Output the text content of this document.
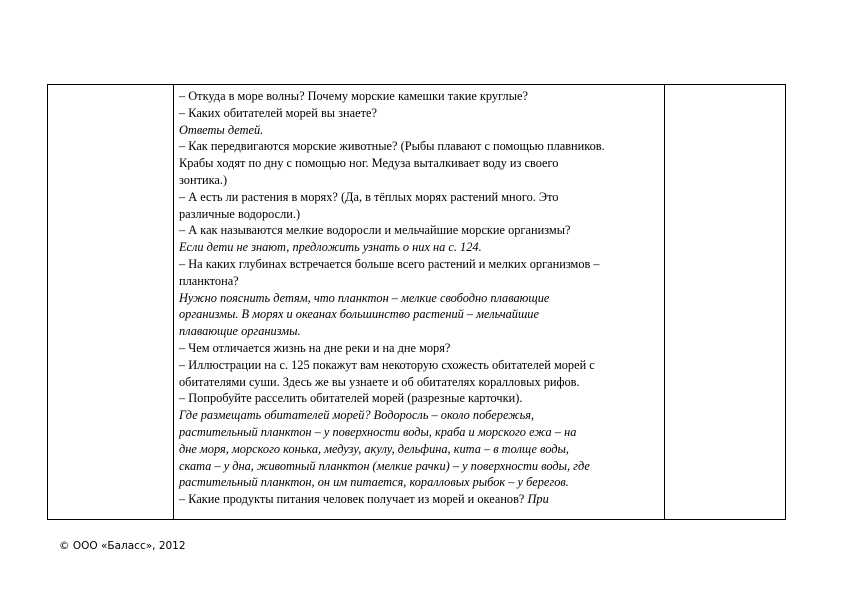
– Откуда в море волны? Почему морские камешки такие круглые?
– Каких обитателей морей вы знаете?
Ответы детей.
– Как передвигаются морские животные? (Рыбы плавают с помощью плавников.
Крабы ходят по дну с помощью ног. Медуза выталкивает воду из своего
зонтика.)
– А есть ли растения в морях? (Да, в тёплых морях растений много. Это
различные водоросли.)
– А как называются мелкие водоросли и мельчайшие морские организмы?
Если дети не знают, предложить узнать о них на с. 124.
– На каких глубинах встречается больше всего растений и мелких организмов –
планктона?
Нужно пояснить детям, что планктон – мелкие свободно плавающие
организмы. В морях и океанах большинство растений – мельчайшие
плавающие организмы.
– Чем отличается жизнь на дне реки и на дне моря?
– Иллюстрации на с. 125 покажут вам некоторую схожесть обитателей морей с
обитателями суши. Здесь же вы узнаете и об обитателях коралловых рифов.
– Попробуйте расселить обитателей морей (разрезные карточки).
Где размещать обитателей морей? Водоросль – около побережья,
растительный планктон – у поверхности воды, краба и морского ежа – на
дне моря, морского конька, медузу, акулу, дельфина, кита – в толще воды,
ската – у дна, животный планктон (мелкие рачки) – у поверхности воды, где
растительный планктон, он им питается, коралловых рыбок – у берегов.
– Какие продукты питания человек получает из морей и океанов? При
© ООО «Баласс», 2012
